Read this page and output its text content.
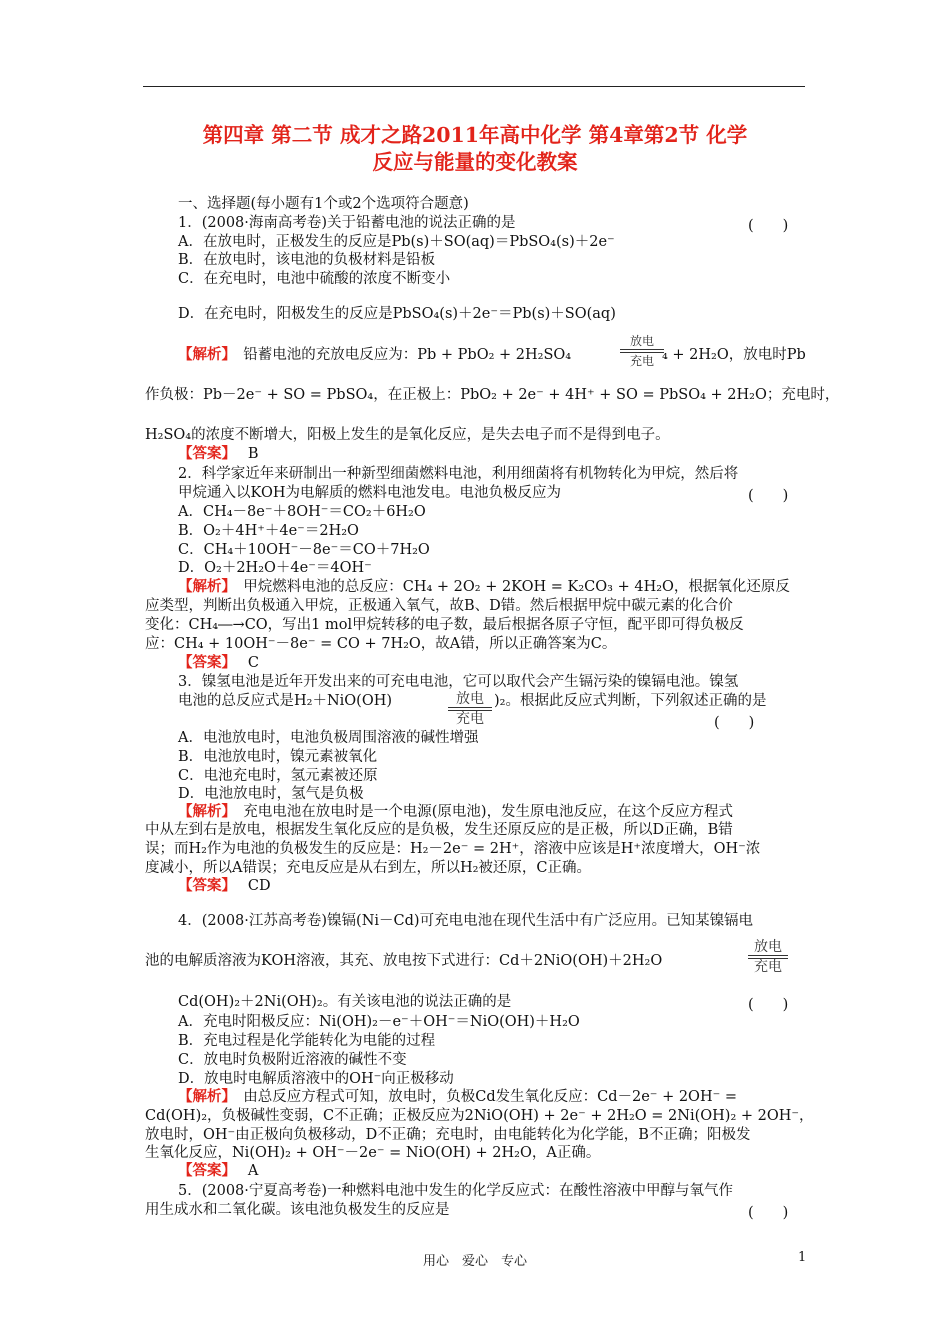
第四章 第二节 成才之路2011年高中化学 第4章第2节 化学
反应与能量的变化教案
一、选择题(每小题有1个或2个选项符合题意)
1．(2008·海南高考卷)关于铅蓄电池的说法正确的是	(　　)
A．在放电时，正极发生的反应是Pb(s)＋SO(aq)＝PbSO₄(s)＋2e⁻
B．在放电时，该电池的负极材料是铅板
C．在充电时，电池中硫酸的浓度不断变小
D．在充电时，阳极发生的反应是PbSO₄(s)＋2e⁻＝Pb(s)＋SO(aq)
【解析】　 铅蓄电池的充放电反应为：Pb + PbO₂ + 2H₂SO₄
放电
充电 ₄ + 2H₂O，放电时Pb
作负极：Pb－2e⁻ + SO = PbSO₄，在正极上：PbO₂ + 2e⁻ + 4H⁺ + SO = PbSO₄ + 2H₂O；充电时，
H₂SO₄的浓度不断增大，阳极上发生的是氧化反应，是失去电子而不是得到电子。
【答案】　 B
2．科学家近年来研制出一种新型细菌燃料电池，利用细菌将有机物转化为甲烷，然后将
甲烷通入以KOH为电解质的燃料电池发电。电池负极反应为	(　　)
A．CH₄－8e⁻＋8OH⁻＝CO₂＋6H₂O
B．O₂＋4H⁺＋4e⁻＝2H₂O
C．CH₄＋10OH⁻－8e⁻＝CO＋7H₂O
D．O₂＋2H₂O＋4e⁻＝4OH⁻
【解析】　 甲烷燃料电池的总反应：CH₄ + 2O₂ + 2KOH = K₂CO₃ + 4H₂O，根据氧化还原反
应类型，判断出负极通入甲烷，正极通入氧气，故B、D错。然后根据甲烷中碳元素的化合价
变化：CH₄―→CO，写出1 mol甲烷转移的电子数，最后根据各原子守恒，配平即可得负极反
应：CH₄ + 10OH⁻－8e⁻ = CO + 7H₂O，故A错，所以正确答案为C。
【答案】　 C
3．镍氢电池是近年开发出来的可充电电池，它可以取代会产生镉污染的镍镉电池。镍氢
电池的总反应式是H₂＋NiO(OH)	放电
充电
)₂。根据此反应式判断，下列叙述正确的是
(　　)
A．电池放电时，电池负极周围溶液的碱性增强
B．电池放电时，镍元素被氧化
C．电池充电时，氢元素被还原
D．电池放电时，氢气是负极
【解析】　 充电电池在放电时是一个电源(原电池)，发生原电池反应，在这个反应方程式
中从左到右是放电，根据发生氧化反应的是负极，发生还原反应的是正极，所以D正确，B错
误；而H₂作为电池的负极发生的反应是：H₂－2e⁻ = 2H⁺，溶液中应该是H⁺浓度增大，OH⁻浓
度减小，所以A错误；充电反应是从右到左，所以H₂被还原，C正确。
【答案】　 CD
4．(2008·江苏高考卷)镍镉(Ni－Cd)可充电电池在现代生活中有广泛应用。已知某镍镉电
池的电解质溶液为KOH溶液，其充、放电按下式进行：Cd＋2NiO(OH)＋2H₂O
放电
充电
Cd(OH)₂＋2Ni(OH)₂。有关该电池的说法正确的是	(　　)
A．充电时阳极反应：Ni(OH)₂－e⁻＋OH⁻＝NiO(OH)＋H₂O
B．充电过程是化学能转化为电能的过程
C．放电时负极附近溶液的碱性不变
D．放电时电解质溶液中的OH⁻向正极移动
【解析】　 由总反应方程式可知，放电时，负极Cd发生氧化反应：Cd－2e⁻ + 2OH⁻ =
Cd(OH)₂，负极碱性变弱，C不正确；正极反应为2NiO(OH) + 2e⁻ + 2H₂O = 2Ni(OH)₂ + 2OH⁻，
放电时，OH⁻由正极向负极移动，D不正确；充电时，由电能转化为化学能，B不正确；阳极发
生氧化反应，Ni(OH)₂ + OH⁻－2e⁻ = NiO(OH) + 2H₂O，A正确。
【答案】　 A
5．(2008·宁夏高考卷)一种燃料电池中发生的化学反应式：在酸性溶液中甲醇与氧气作
用生成水和二氧化碳。该电池负极发生的反应是	(　　)
用心　爱心　专心	1
